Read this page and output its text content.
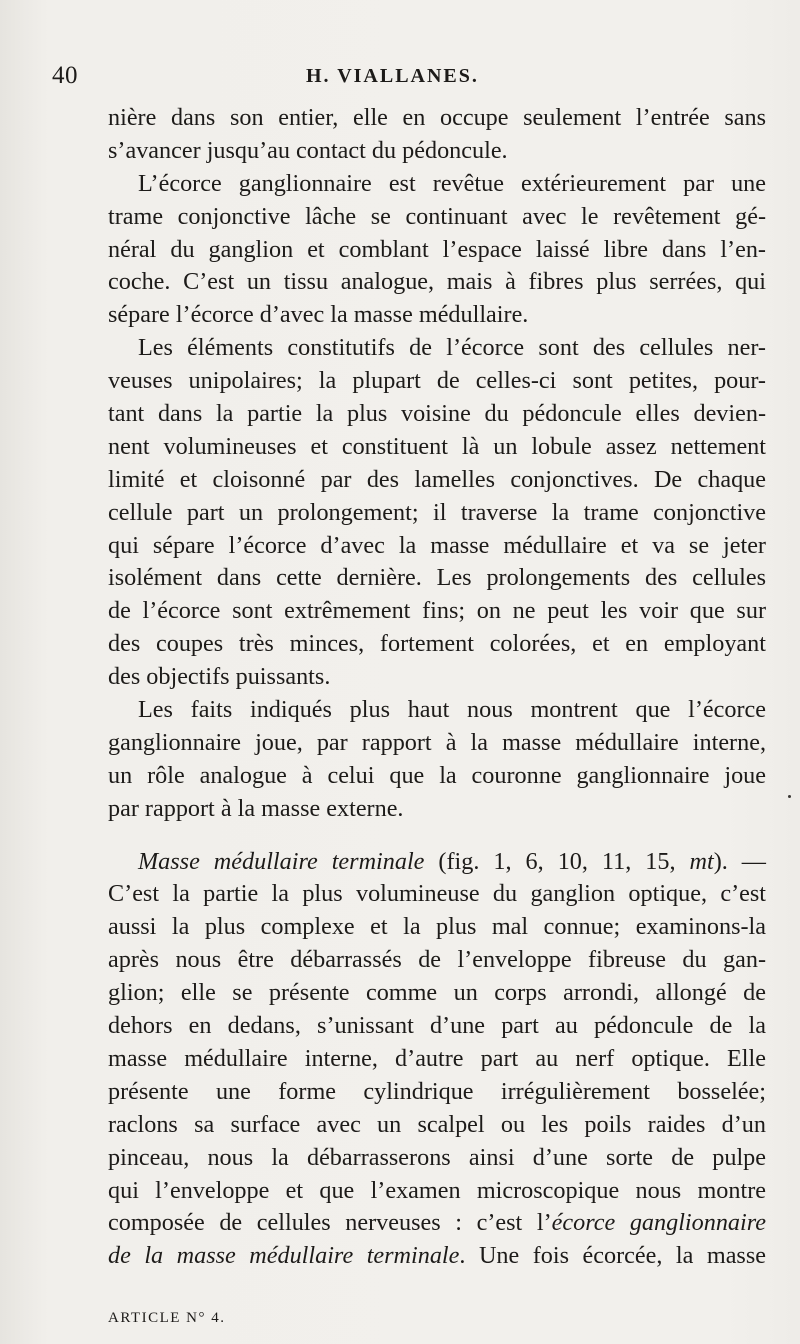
40	H. VIALLANES.
nière dans son entier, elle en occupe seulement l’entrée sans
s’avancer jusqu’au contact du pédoncule.
L’écorce ganglionnaire est revêtue extérieurement par une
trame conjonctive lâche se continuant avec le revêtement gé-
néral du ganglion et comblant l’espace laissé libre dans l’en-
coche. C’est un tissu analogue, mais à fibres plus serrées, qui
sépare l’écorce d’avec la masse médullaire.
Les éléments constitutifs de l’écorce sont des cellules ner-
veuses unipolaires; la plupart de celles-ci sont petites, pour-
tant dans la partie la plus voisine du pédoncule elles devien-
nent volumineuses et constituent là un lobule assez nettement
limité et cloisonné par des lamelles conjonctives. De chaque
cellule part un prolongement; il traverse la trame conjonctive
qui sépare l’écorce d’avec la masse médullaire et va se jeter
isolément dans cette dernière. Les prolongements des cellules
de l’écorce sont extrêmement fins; on ne peut les voir que sur
des coupes très minces, fortement colorées, et en employant
des objectifs puissants.
Les faits indiqués plus haut nous montrent que l’écorce
ganglionnaire joue, par rapport à la masse médullaire interne,
un rôle analogue à celui que la couronne ganglionnaire joue
par rapport à la masse externe.
Masse médullaire terminale (fig. 1, 6, 10, 11, 15, mt). —
C’est la partie la plus volumineuse du ganglion optique, c’est
aussi la plus complexe et la plus mal connue; examinons-la
après nous être débarrassés de l’enveloppe fibreuse du gan-
glion; elle se présente comme un corps arrondi, allongé de
dehors en dedans, s’unissant d’une part au pédoncule de la
masse médullaire interne, d’autre part au nerf optique. Elle
présente une forme cylindrique irrégulièrement bosselée;
raclons sa surface avec un scalpel ou les poils raides d’un
pinceau, nous la débarrasserons ainsi d’une sorte de pulpe
qui l’enveloppe et que l’examen microscopique nous montre
composée de cellules nerveuses : c’est l’écorce ganglionnaire
de la masse médullaire terminale. Une fois écorcée, la masse
ARTICLE N° 4.
